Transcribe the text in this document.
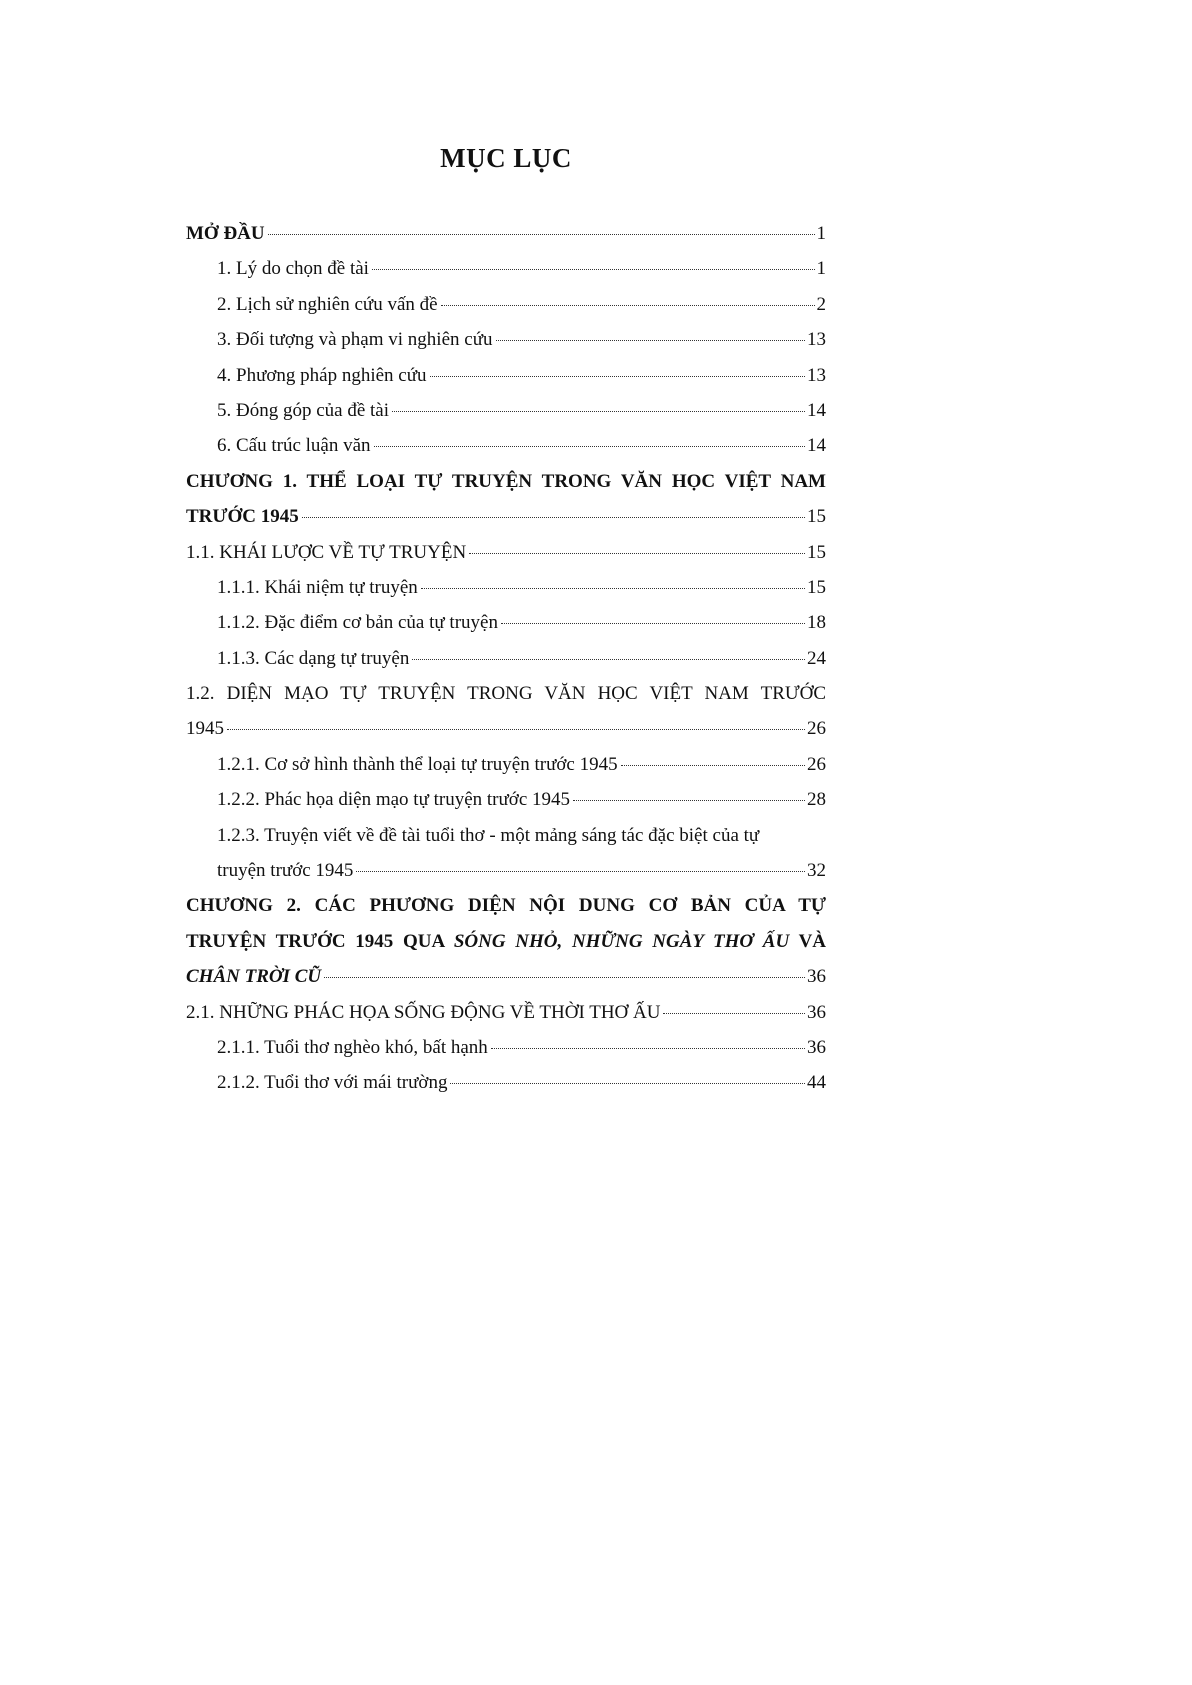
MỤC LỤC
MỞ ĐẦU	1
1. Lý do chọn đề tài	1
2. Lịch sử nghiên cứu vấn đề	2
3. Đối tượng và phạm vi nghiên cứu	13
4. Phương pháp nghiên cứu	13
5. Đóng góp của đề tài	14
6. Cấu trúc luận văn	14
CHƯƠNG 1. THỂ LOẠI TỰ TRUYỆN TRONG VĂN HỌC VIỆT NAM
TRƯỚC 1945	15
1.1. KHÁI LƯỢC VỀ TỰ TRUYỆN	15
1.1.1. Khái niệm tự truyện	15
1.1.2. Đặc điểm cơ bản của tự truyện	18
1.1.3. Các dạng tự truyện	24
1.2. DIỆN MẠO TỰ TRUYỆN TRONG VĂN HỌC VIỆT NAM TRƯỚC
1945	26
1.2.1. Cơ sở hình thành thể loại tự truyện trước 1945	26
1.2.2. Phác họa diện mạo tự truyện trước 1945	28
1.2.3. Truyện viết về đề tài tuổi thơ - một mảng sáng tác đặc biệt của tự
truyện trước 1945	32
CHƯƠNG 2. CÁC PHƯƠNG DIỆN NỘI DUNG CƠ BẢN CỦA TỰ
TRUYỆN TRƯỚC 1945 QUA SÓNG NHỎ, NHỮNG NGÀY THƠ ẤU VÀ
CHÂN TRỜI CŨ	36
2.1. NHỮNG PHÁC HỌA SỐNG ĐỘNG VỀ THỜI THƠ ẤU	36
2.1.1. Tuổi thơ nghèo khó, bất hạnh	36
2.1.2. Tuổi thơ với mái trường	44
